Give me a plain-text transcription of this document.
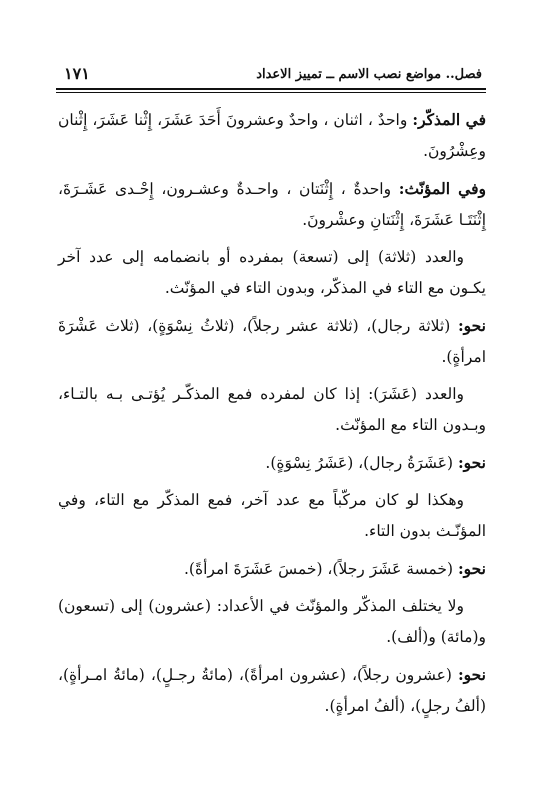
فصل.. مواضع نصب الاسم ــ تمييز الاعداد
١٧١

في المذكّر: واحدٌ ، اثنان ، واحدٌ وعشرونَ أَحَدَ عَشَرَ، إِثْنا عَشَرَ، إِثْنان وعِشْرُونَ.

وفي المؤنّث: واحدةٌ ، إِثْنَتان ، واحـدةٌ وعشـرون، إِحْـدى عَشَـرَةَ، إِثْنَتَـا عَشَرَةَ، إِثْنَتانِ وعشْرونَ.

والعدد (ثلاثة) إلى (تسعة) بمفرده أو بانضمامه إلى عدد آخر يكـون مع التاء في المذكّر، وبدون التاء في المؤنّث.

نحو: (ثلاثة رجال)، (ثلاثة عشر رجلاً)، (ثلاثُ نِسْوَةٍ)، (ثلاث عَشْرَةَ امرأةٍ).

والعدد (عَشَرَ): إذا كان لمفرده فمع المذكّـر يُؤتـى بـه بالتـاء، وبـدون التاء مع المؤنّث.

نحو: (عَشَرَةُ رجال)، (عَشَرُ نِسْوَةٍ).

وهكذا لو كان مركّباً مع عدد آخر، فمع المذكّر مع التاء، وفي المؤنّـث بدون التاء.

نحو: (خمسة عَشَرَ رجلاً)، (خمسَ عَشَرَةَ امرأةً).

ولا يختلف المذكّر والمؤنّث في الأعداد: (عشرون) إلى (تسعون) و(مائة) و(ألف).

نحو: (عشرون رجلاً)، (عشرون امرأةً)، (مائةُ رجـلٍ)، (مائةُ امـرأةٍ)، (ألفُ رجلٍ)، (ألفُ امرأةٍ).
